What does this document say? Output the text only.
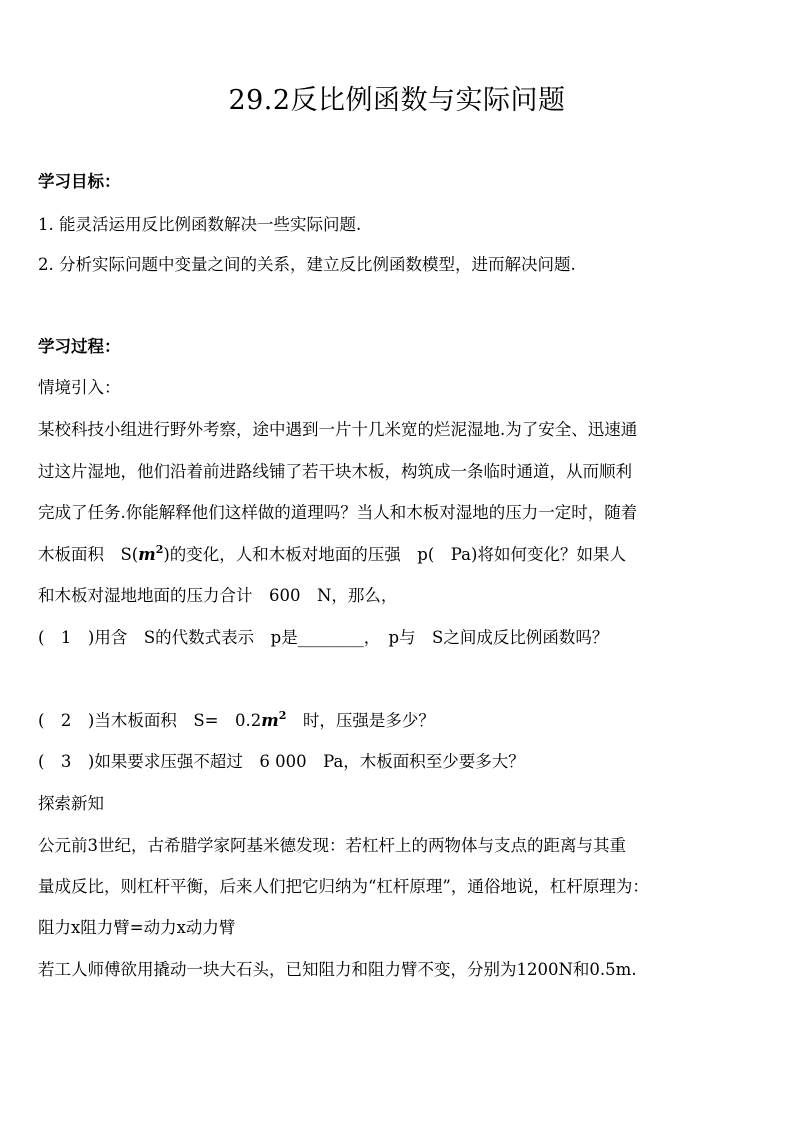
29.2反比例函数与实际问题
学习目标：
1. 能灵活运用反比例函数解决一些实际问题.
2. 分析实际问题中变量之间的关系，建立反比例函数模型，进而解决问题.
学习过程：
情境引入：
某校科技小组进行野外考察，途中遇到一片十几米宽的烂泥湿地.为了安全、迅速通
过这片湿地，他们沿着前进路线铺了若干块木板，构筑成一条临时通道，从而顺利
完成了任务.你能解释他们这样做的道理吗？当人和木板对湿地的压力一定时，随着
木板面积　$S(m^2)$的变化，人和木板对地面的压强　p(　Pa)将如何变化？如果人
和木板对湿地地面的压力合计　600　N，那么，
(　1　)用含　S的代数式表示　p是________，　p与　S之间成反比例函数吗？
(　2　)当木板面积　S=　$0.2m^2$　时，压强是多少？
(　3　)如果要求压强不超过　6 000　Pa，木板面积至少要多大？
探索新知
公元前3世纪，古希腊学家阿基米德发现：若杠杆上的两物体与支点的距离与其重
量成反比，则杠杆平衡，后来人们把它归纳为“杠杆原理”，通俗地说，杠杆原理为：
阻力x阻力臂=动力x动力臂
若工人师傅欲用撬动一块大石头，已知阻力和阻力臂不变，分别为1200N和0.5m.
